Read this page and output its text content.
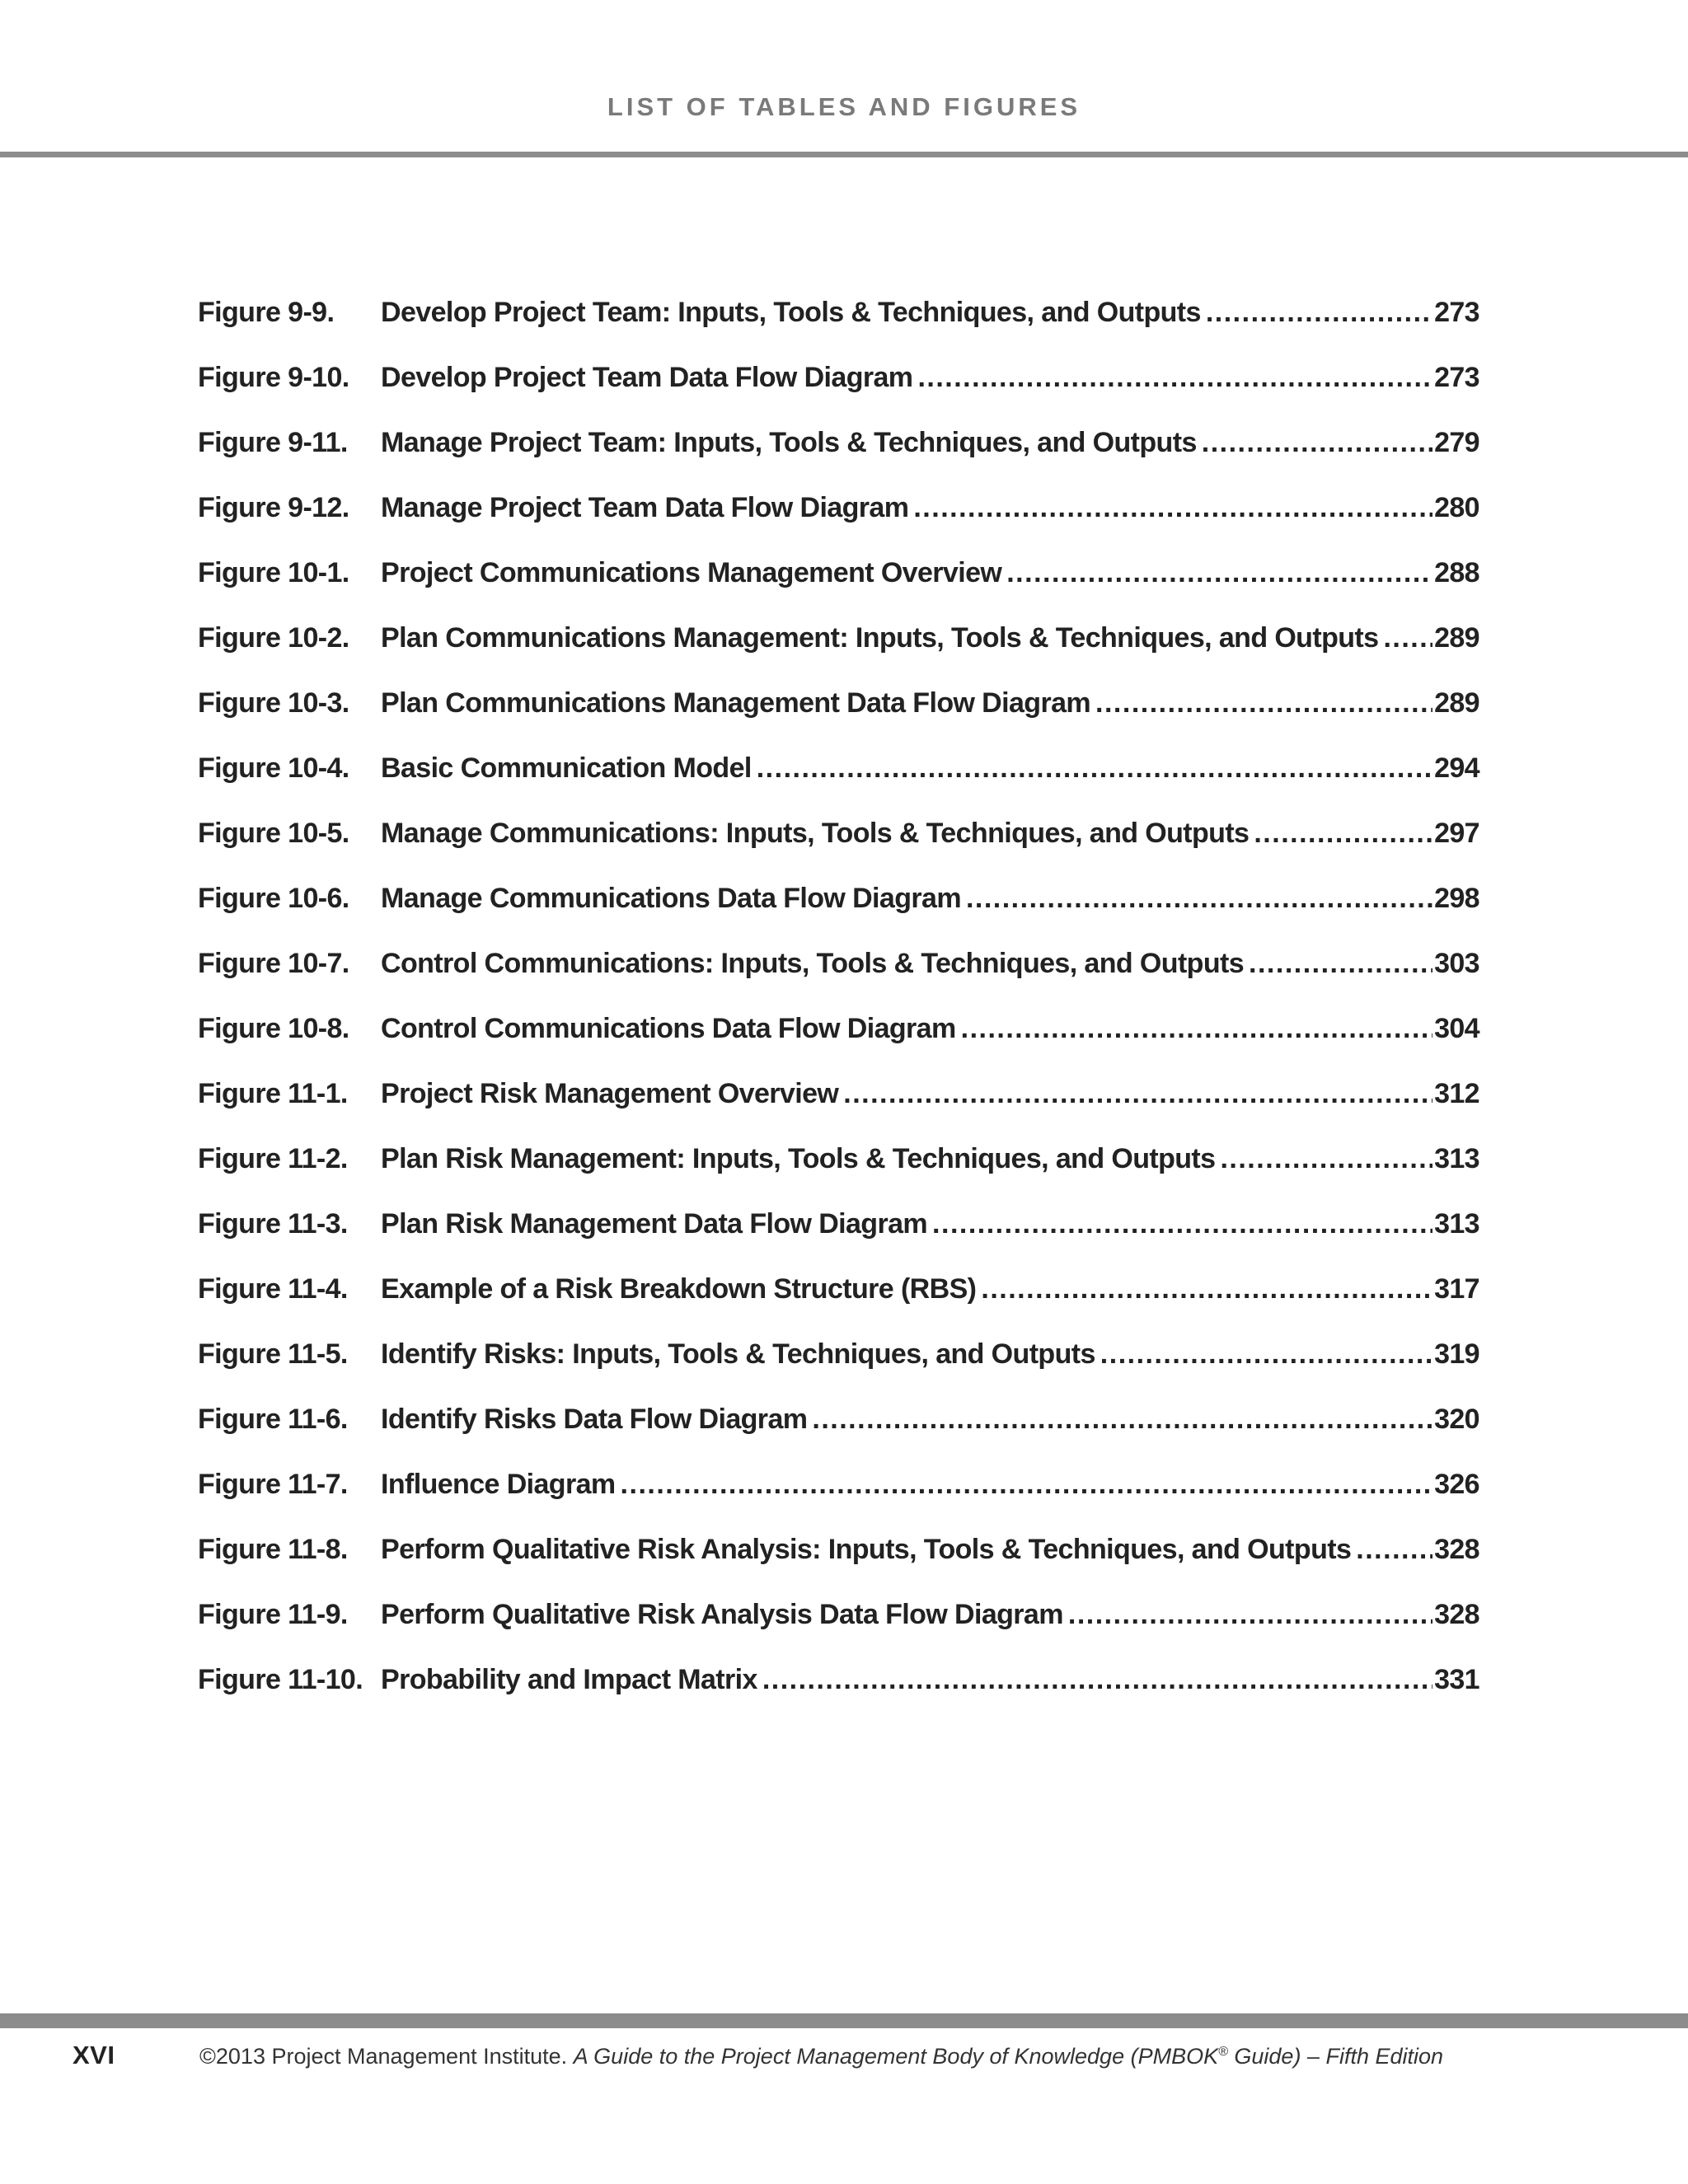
LIST OF TABLES AND FIGURES
Figure 9-9.	Develop Project Team: Inputs, Tools & Techniques, and Outputs .....	273
Figure 9-10.	Develop Project Team Data Flow Diagram .....	273
Figure 9-11.	Manage Project Team: Inputs, Tools & Techniques, and Outputs .....	279
Figure 9-12.	Manage Project Team Data Flow Diagram .....	280
Figure 10-1.	Project Communications Management Overview .....	288
Figure 10-2.	Plan Communications Management: Inputs, Tools & Techniques, and Outputs ..... 289
Figure 10-3.	Plan Communications Management Data Flow Diagram .....	289
Figure 10-4.	Basic Communication Model .....	294
Figure 10-5.	Manage Communications: Inputs, Tools & Techniques, and Outputs .....	297
Figure 10-6.	Manage Communications Data Flow Diagram .....	298
Figure 10-7.	Control Communications: Inputs, Tools & Techniques, and Outputs .....	303
Figure 10-8.	Control Communications Data Flow Diagram .....	304
Figure 11-1.	Project Risk Management Overview .....	312
Figure 11-2.	Plan Risk Management: Inputs, Tools & Techniques, and Outputs .....	313
Figure 11-3.	Plan Risk Management Data Flow Diagram .....	313
Figure 11-4.	Example of a Risk Breakdown Structure (RBS) .....	317
Figure 11-5.	Identify Risks: Inputs, Tools & Techniques, and Outputs .....	319
Figure 11-6.	Identify Risks Data Flow Diagram .....	320
Figure 11-7.	Influence Diagram .....	326
Figure 11-8.	Perform Qualitative Risk Analysis: Inputs, Tools & Techniques, and Outputs .....	328
Figure 11-9.	Perform Qualitative Risk Analysis Data Flow Diagram .....	328
Figure 11-10. Probability and Impact Matrix .....	331
XVI	©2013 Project Management Institute. A Guide to the Project Management Body of Knowledge (PMBOK® Guide) – Fifth Edition
